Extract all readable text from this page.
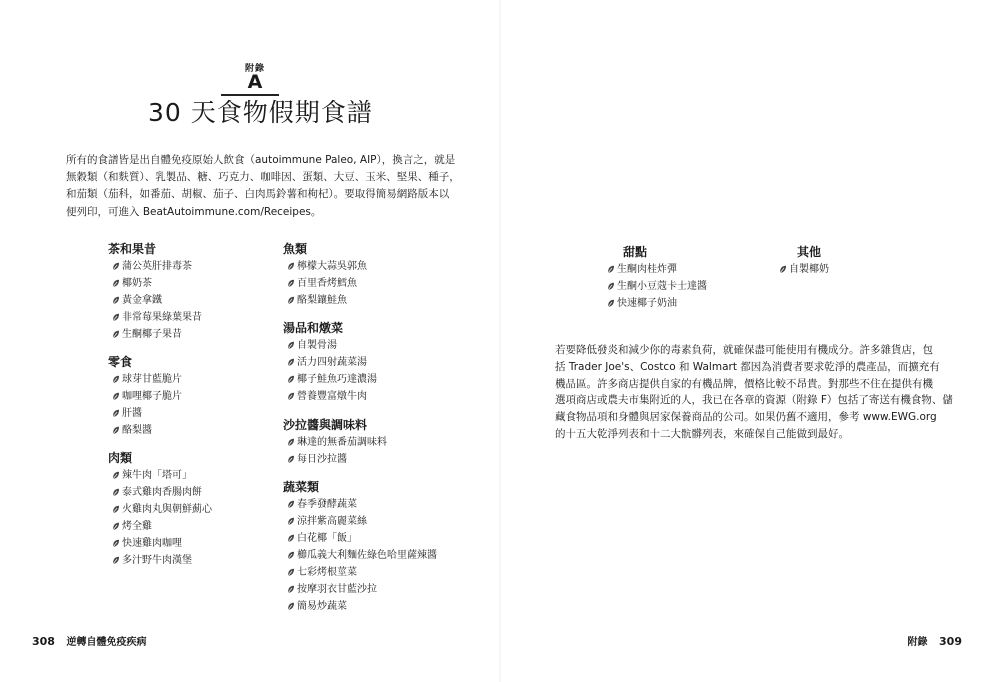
附錄
A
30 天食物假期食譜
所有的食譜皆是出自體免疫原始人飲食（autoimmune Paleo, AIP），換言之，就是
無穀類（和麩質）、乳製品、糖、巧克力、咖啡因、蛋類、大豆、玉米、堅果、種子，
和茄類（茄科，如番茄、胡椒、茄子、白肉馬鈴薯和枸杞）。要取得簡易網路版本以
便列印，可進入 BeatAutoimmune.com/Receipes。
茶和果昔
蒲公英肝排毒茶
椰奶茶
黃金拿鐵
非常莓果綠葉果昔
生酮椰子果昔
零食
球芽甘藍脆片
咖哩椰子脆片
肝醬
酪梨醬
肉類
辣牛肉「塔可」
泰式雞肉香腸肉餅
火雞肉丸與朝鮮薊心
烤全雞
快速雞肉咖哩
多汁野牛肉漢堡
魚類
檸檬大蒜吳郭魚
百里香烤鱈魚
酪梨鑲鮭魚
湯品和燉菜
自製骨湯
活力四射蔬菜湯
椰子鮭魚巧達濃湯
營養豐富燉牛肉
沙拉醬與調味料
琳達的無番茄調味料
每日沙拉醬
蔬菜類
春季發酵蔬菜
涼拌紫高麗菜絲
白花椰「飯」
櫛瓜義大利麵佐綠色哈里薩辣醬
七彩烤根莖菜
按摩羽衣甘藍沙拉
簡易炒蔬菜
甜點
生酮肉桂炸彈
生酮小豆蔻卡士達醬
快速椰子奶油
其他
自製椰奶
若要降低發炎和減少你的毒素負荷，就確保盡可能使用有機成分。許多雜貨店，包
括 Trader Joe's、Costco 和 Walmart 都因為消費者要求乾淨的農產品，而擴充有
機品區。許多商店提供自家的有機品牌，價格比較不昂貴。對那些不住在提供有機
選項商店或農夫市集附近的人，我已在各章的資源（附錄 F）包括了寄送有機食物、儲
藏食物品項和身體與居家保養商品的公司。如果仍舊不適用，參考 www.EWG.org
的十五大乾淨列表和十二大骯髒列表，來確保自己能做到最好。
308 逆轉自體免疫疾病	附錄 309
